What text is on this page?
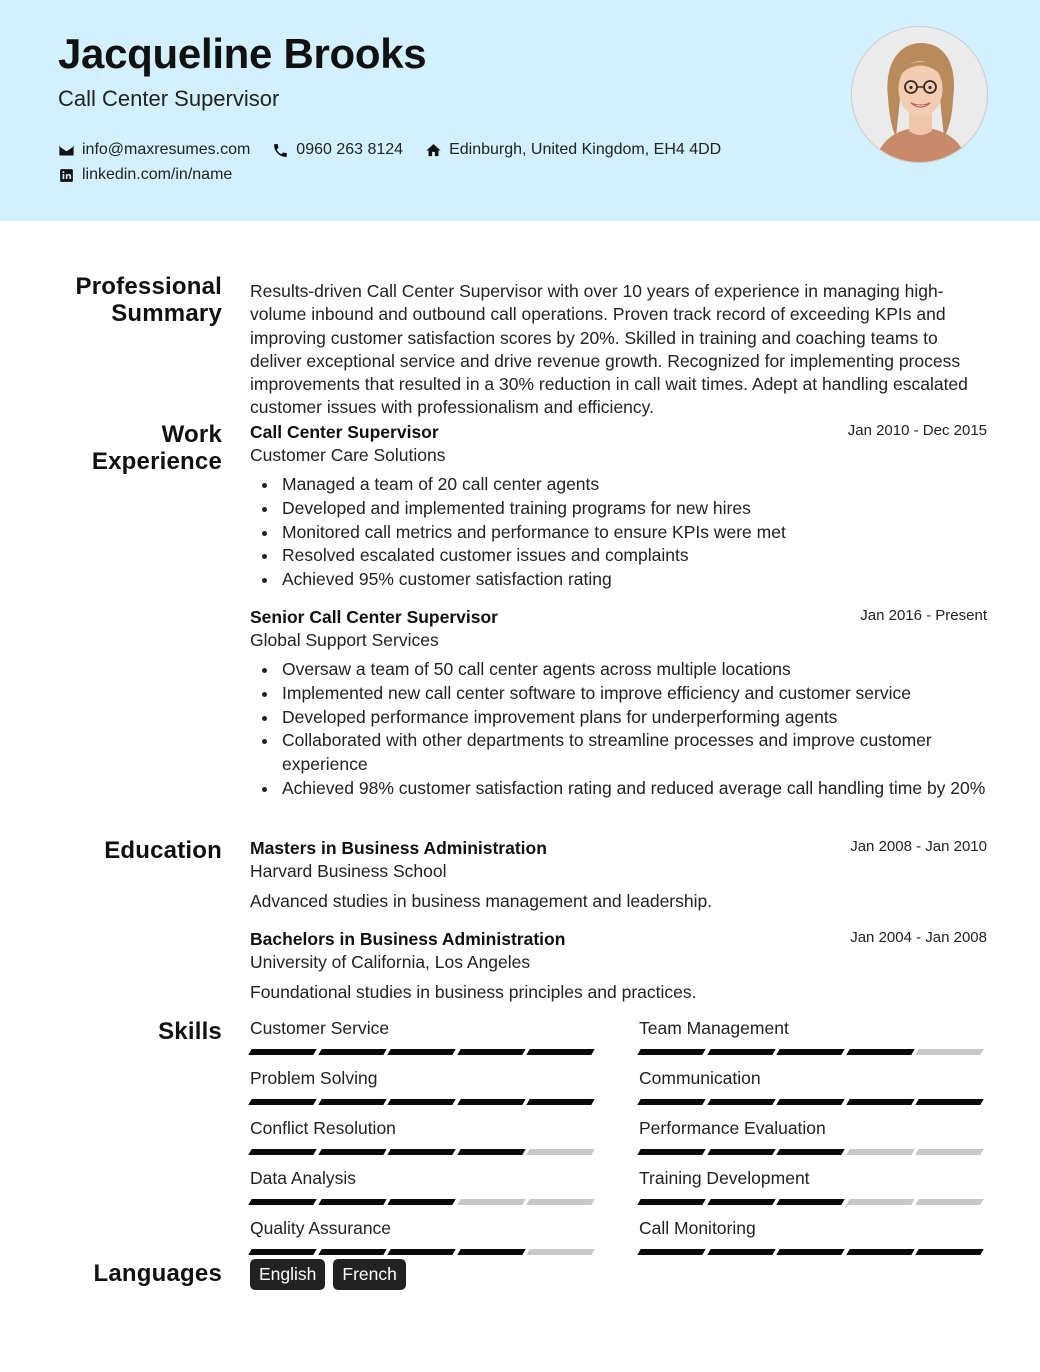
Jacqueline Brooks
Call Center Supervisor
info@maxresumes.com	0960 263 8124	Edinburgh, United Kingdom, EH4 4DD
linkedin.com/in/name
Professional Summary
Results-driven Call Center Supervisor with over 10 years of experience in managing high-volume inbound and outbound call operations. Proven track record of exceeding KPIs and improving customer satisfaction scores by 20%. Skilled in training and coaching teams to deliver exceptional service and drive revenue growth. Recognized for implementing process improvements that resulted in a 30% reduction in call wait times. Adept at handling escalated customer issues with professionalism and efficiency.
Work Experience
Jan 2010 - Dec 2015
Call Center Supervisor
Customer Care Solutions
Managed a team of 20 call center agents
Developed and implemented training programs for new hires
Monitored call metrics and performance to ensure KPIs were met
Resolved escalated customer issues and complaints
Achieved 95% customer satisfaction rating
Jan 2016 - Present
Senior Call Center Supervisor
Global Support Services
Oversaw a team of 50 call center agents across multiple locations
Implemented new call center software to improve efficiency and customer service
Developed performance improvement plans for underperforming agents
Collaborated with other departments to streamline processes and improve customer experience
Achieved 98% customer satisfaction rating and reduced average call handling time by 20%
Education	Jan 2008 - Jan 2010
Masters in Business Administration
Harvard Business School
Advanced studies in business management and leadership.
Jan 2004 - Jan 2008
Bachelors in Business Administration
University of California, Los Angeles
Foundational studies in business principles and practices.
Skills Customer Service	Team Management
Problem Solving	Communication
Conflict Resolution	Performance Evaluation
Data Analysis	Training Development
Quality Assurance	Call Monitoring
Languages	English	French
